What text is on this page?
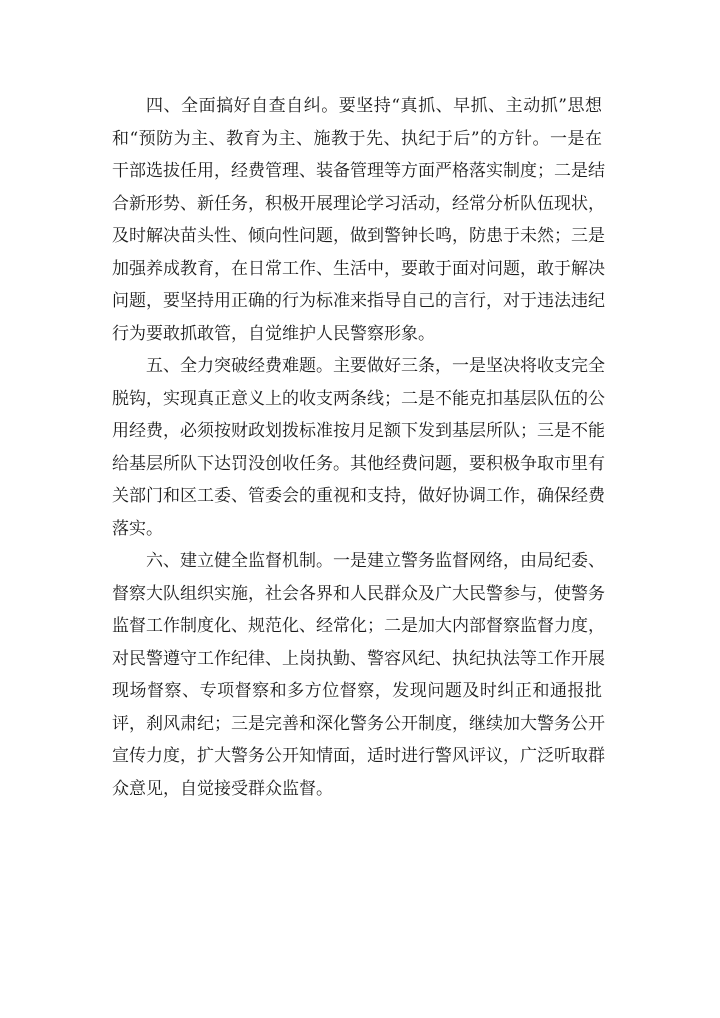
四、全面搞好自查自纠。要坚持“真抓、早抓、主动抓”思想
和“预防为主、教育为主、施教于先、执纪于后”的方针。一是在
干部选拔任用，经费管理、装备管理等方面严格落实制度；二是结
合新形势、新任务，积极开展理论学习活动，经常分析队伍现状，
及时解决苗头性、倾向性问题，做到警钟长鸣，防患于未然；三是
加强养成教育，在日常工作、生活中，要敢于面对问题，敢于解决
问题，要坚持用正确的行为标准来指导自己的言行，对于违法违纪
行为要敢抓敢管，自觉维护人民警察形象。
五、全力突破经费难题。主要做好三条，一是坚决将收支完全
脱钩，实现真正意义上的收支两条线；二是不能克扣基层队伍的公
用经费，必须按财政划拨标准按月足额下发到基层所队；三是不能
给基层所队下达罚没创收任务。其他经费问题，要积极争取市里有
关部门和区工委、管委会的重视和支持，做好协调工作，确保经费
落实。
六、建立健全监督机制。一是建立警务监督网络，由局纪委、
督察大队组织实施，社会各界和人民群众及广大民警参与，使警务
监督工作制度化、规范化、经常化；二是加大内部督察监督力度，
对民警遵守工作纪律、上岗执勤、警容风纪、执纪执法等工作开展
现场督察、专项督察和多方位督察，发现问题及时纠正和通报批
评，刹风肃纪；三是完善和深化警务公开制度，继续加大警务公开
宣传力度，扩大警务公开知情面，适时进行警风评议，广泛听取群
众意见，自觉接受群众监督。
